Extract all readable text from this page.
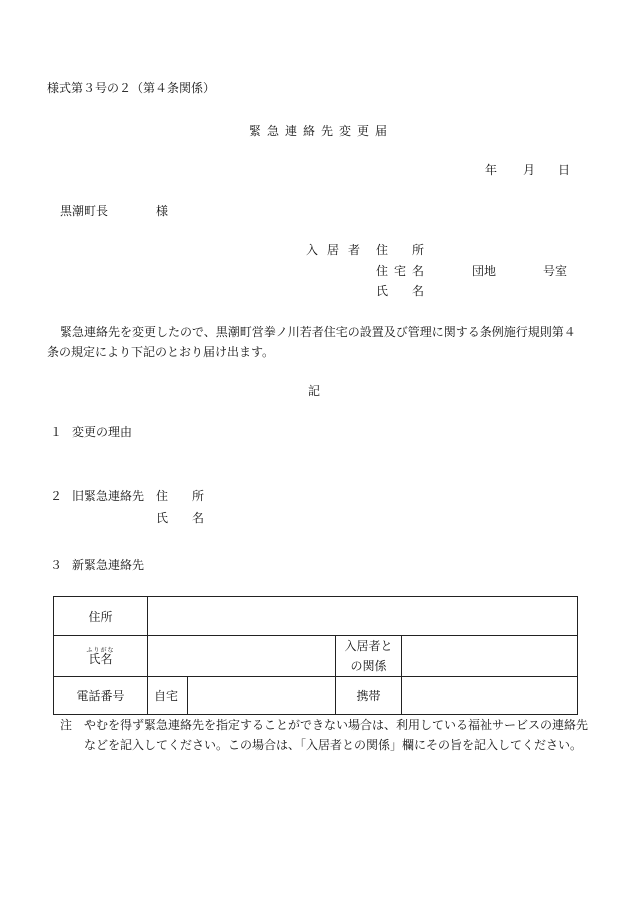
様式第３号の２（第４条関係）
緊急連絡先変更届
年 月 日
黒潮町長	様
入居者 住 所
住宅 名	団地	号室
氏 名
緊急連絡先を変更したので、黒潮町営拳ノ川若者住宅の設置及び管理に関する条例施行規則第４
条の規定により下記のとおり届け出ます。
記
１ 変更の理由
２ 旧緊急連絡先 住 所
氏 名
３ 新緊急連絡先
住所				

ふりがな
氏名			入居者と
の関係	
電話番号	自宅		携帯	
注　やむを得ず緊急連絡先を指定することができない場合は、利用している福祉サービスの連絡先
などを記入してください。この場合は、「入居者との関係」欄にその旨を記入してください。
